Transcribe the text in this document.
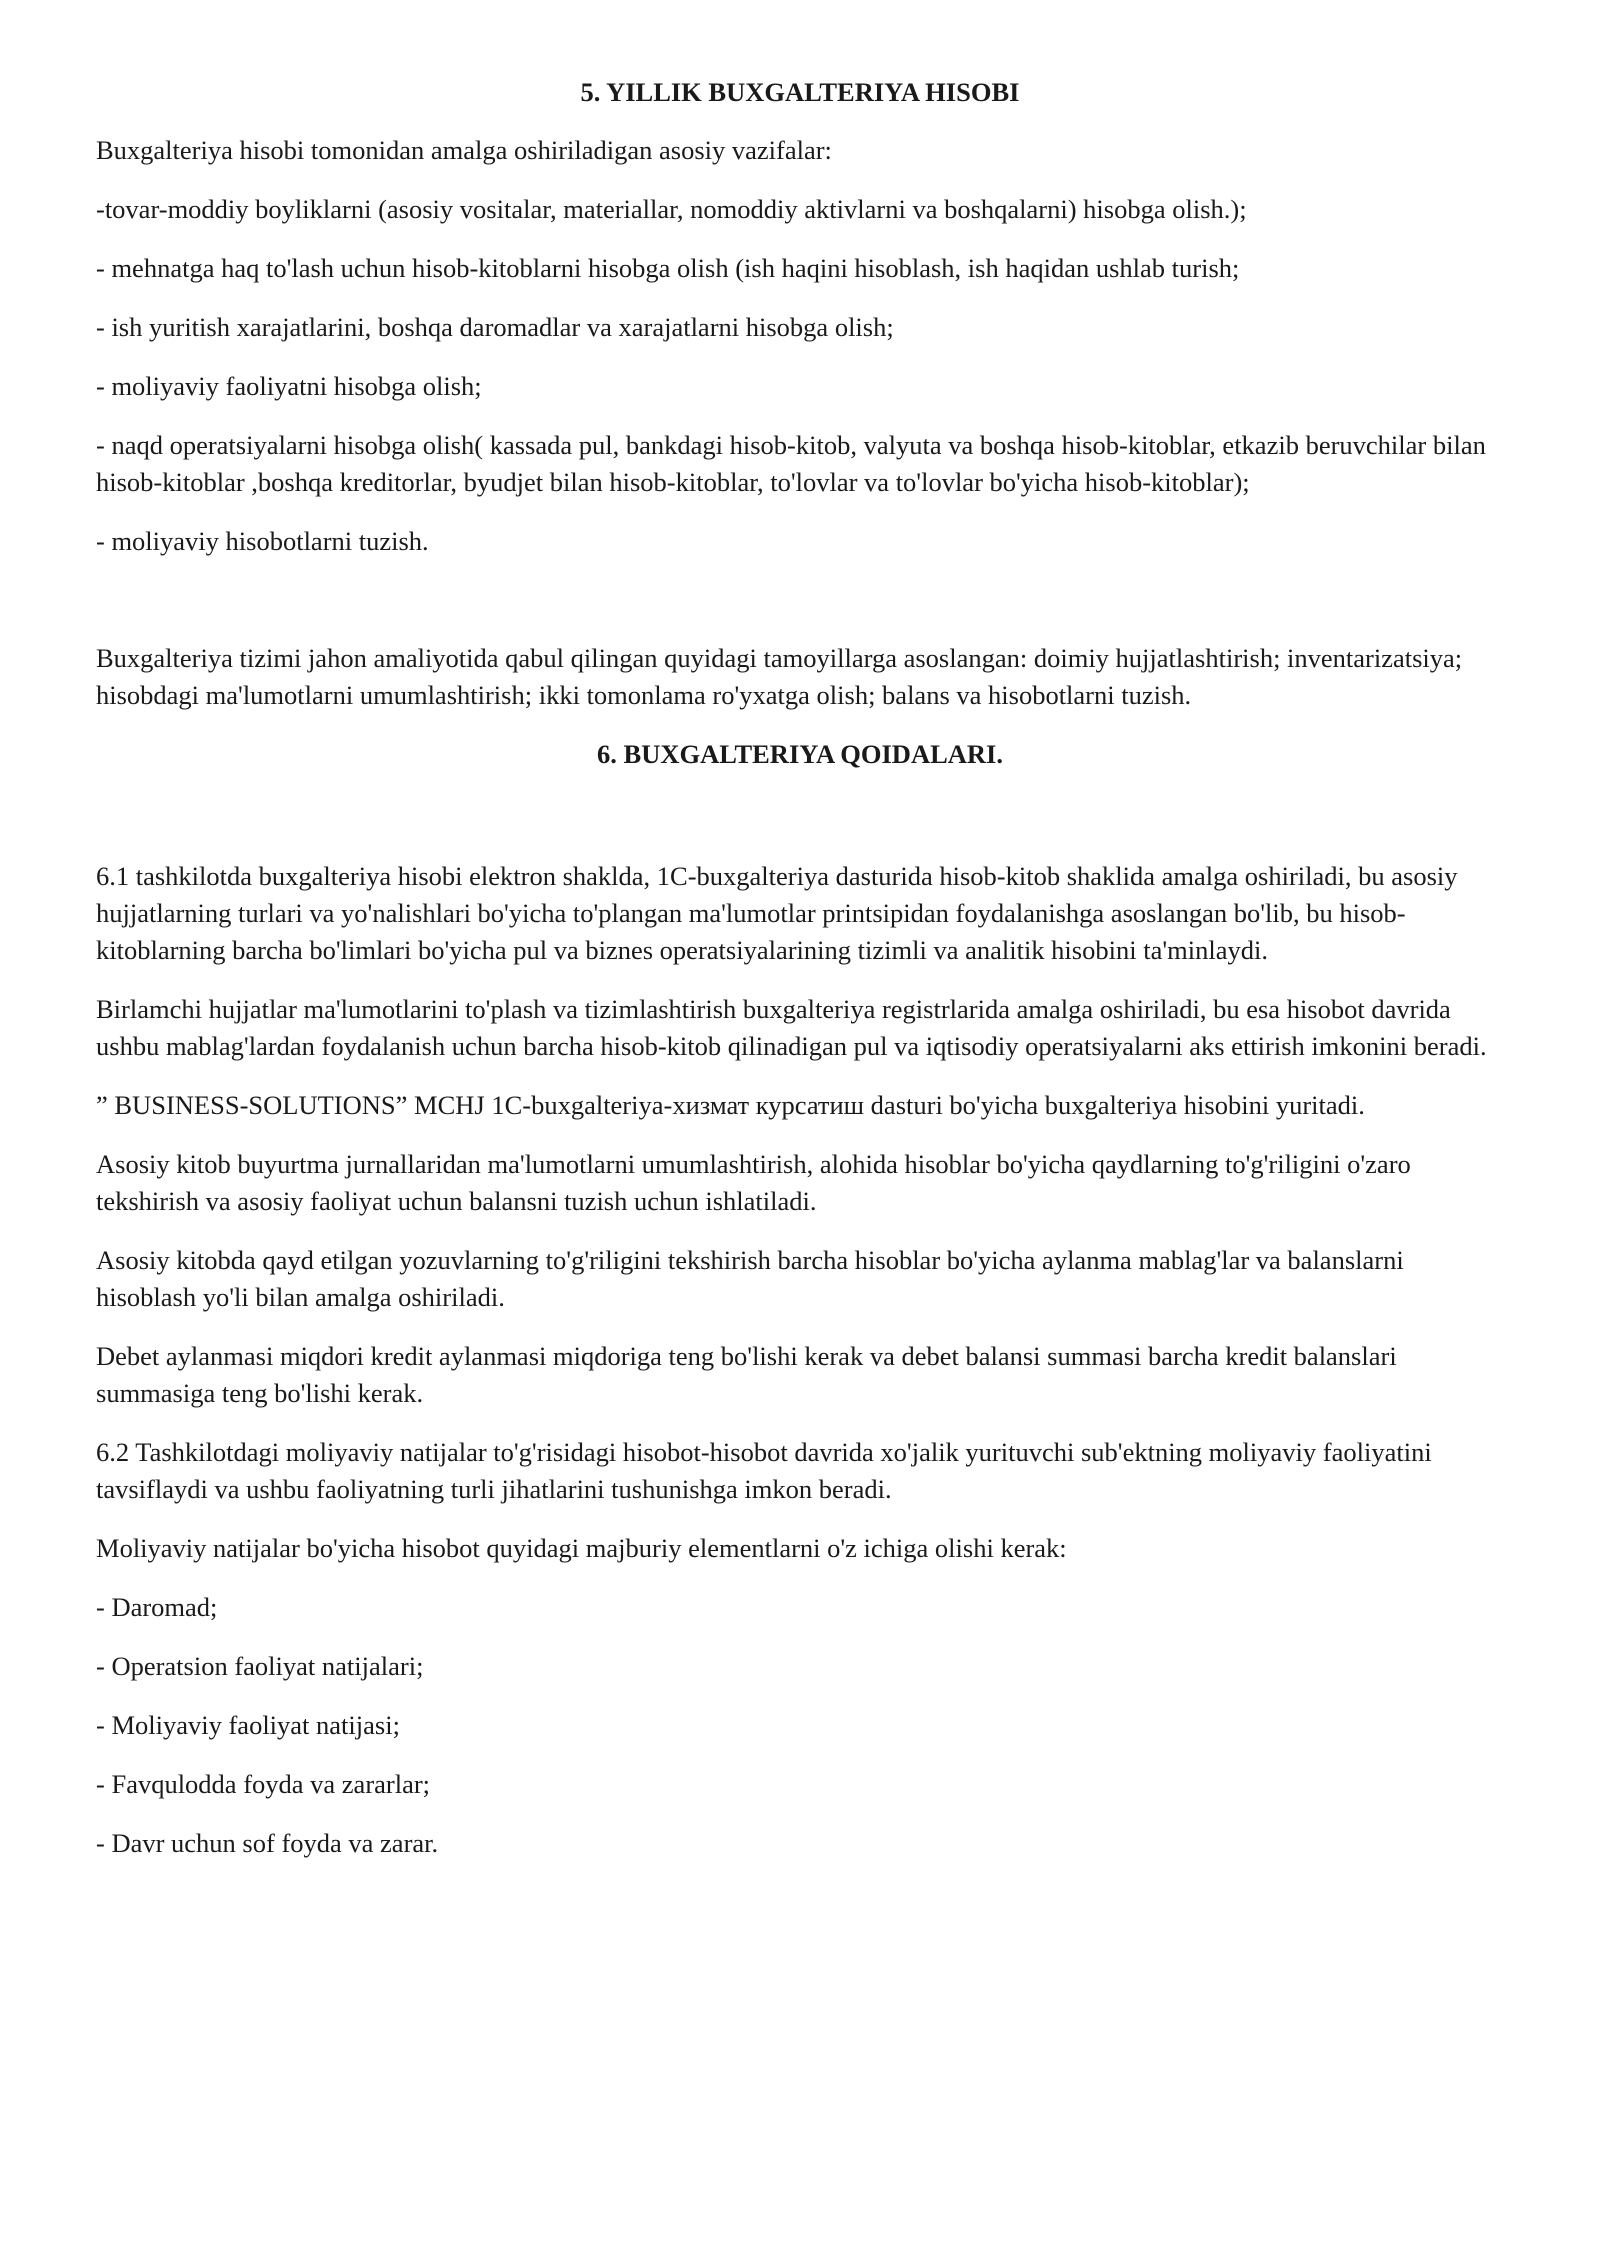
5. YILLIK BUXGALTERIYA HISOBI

Buxgalteriya hisobi tomonidan amalga oshiriladigan asosiy vazifalar:

-tovar-moddiy boyliklarni (asosiy vositalar, materiallar, nomoddiy aktivlarni va boshqalarni) hisobga olish.);

- mehnatga haq to'lash uchun hisob-kitoblarni hisobga olish (ish haqini hisoblash, ish haqidan ushlab turish;

- ish yuritish xarajatlarini, boshqa daromadlar va xarajatlarni hisobga olish;

- moliyaviy faoliyatni hisobga olish;

- naqd operatsiyalarni hisobga olish( kassada pul, bankdagi hisob-kitob, valyuta va boshqa hisob-kitoblar, etkazib beruvchilar bilan hisob-kitoblar ,boshqa kreditorlar, byudjet bilan hisob-kitoblar, to'lovlar va to'lovlar bo'yicha hisob-kitoblar);

- moliyaviy hisobotlarni tuzish.

Buxgalteriya tizimi jahon amaliyotida qabul qilingan quyidagi tamoyillarga asoslangan: doimiy hujjatlashtirish; inventarizatsiya; hisobdagi ma'lumotlarni umumlashtirish; ikki tomonlama ro'yxatga olish; balans va hisobotlarni tuzish.

6. BUXGALTERIYA QOIDALARI.

6.1 tashkilotda buxgalteriya hisobi elektron shakldа, 1C-buxgalteriya dasturida hisob-kitob shaklida amalga oshiriladi, bu asosiy hujjatlarning turlari va yo'nalishlari bo'yicha to'plangan ma'lumotlar printsipidan foydalanishga asoslangan bo'lib, bu hisob-kitoblarning barcha bo'limlari bo'yicha pul va biznes operatsiyalarining tizimli va analitik hisobini ta'minlaydi.

Birlamchi hujjatlar ma'lumotlarini to'plash va tizimlashtirish buxgalteriya registrlarida amalga oshiriladi, bu esa hisobot davrida ushbu mablag'lardan foydalanish uchun barcha hisob-kitob qilinadigan pul va iqtisodiy operatsiyalarni aks ettirish imkonini beradi.

” BUSINESS-SOLUTIONS” MCHJ 1C-buxgalteriya-хизмат курсатиш dasturi bo'yicha buxgalteriya hisobini yuritadi.

Asosiy kitob buyurtma jurnallaridan ma'lumotlarni umumlashtirish, alohida hisoblar bo'yicha qaydlarning to'g'riligini o'zaro tekshirish va asosiy faoliyat uchun balansni tuzish uchun ishlatiladi.

Asosiy kitobda qayd etilgan yozuvlarning to'g'riligini tekshirish barcha hisoblar bo'yicha aylanma mablag'lar va balanslarni hisoblash yo'li bilan amalga oshiriladi.

Debet aylanmasi miqdori kredit aylanmasi miqdoriga teng bo'lishi kerak va debet balansi summasi barcha kredit balanslari summasiga teng bo'lishi kerak.

6.2 Tashkilotdagi moliyaviy natijalar to'g'risidagi hisobot-hisobot davrida xo'jalik yurituvchi sub'ektning moliyaviy faoliyatini tavsiflaydi va ushbu faoliyatning turli jihatlarini tushunishga imkon beradi.

Moliyaviy natijalar bo'yicha hisobot quyidagi majburiy elementlarni o'z ichiga olishi kerak:

- Daromad;

- Operatsion faoliyat natijalari;

- Moliyaviy faoliyat natijasi;

- Favqulodda foyda va zararlar;

- Davr uchun sof foyda va zarar.
